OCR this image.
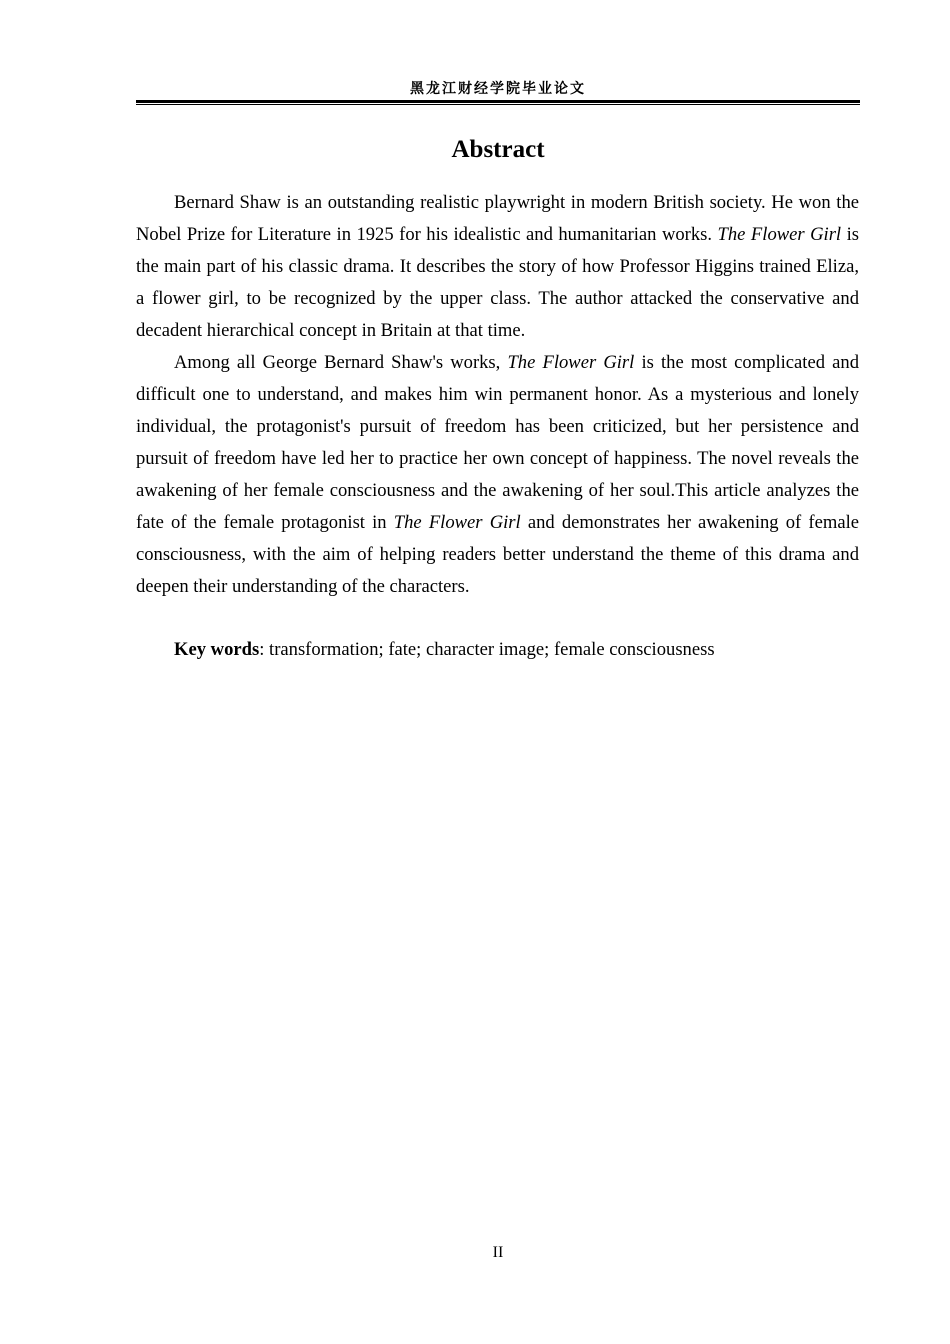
黑龙江财经学院毕业论文
Abstract

Bernard Shaw is an outstanding realistic playwright in modern British society. He won the Nobel Prize for Literature in 1925 for his idealistic and humanitarian works. The Flower Girl is the main part of his classic drama. It describes the story of how Professor Higgins trained Eliza, a flower girl, to be recognized by the upper class. The author attacked the conservative and decadent hierarchical concept in Britain at that time.

Among all George Bernard Shaw's works, The Flower Girl is the most complicated and difficult one to understand, and makes him win permanent honor. As a mysterious and lonely individual, the protagonist's pursuit of freedom has been criticized, but her persistence and pursuit of freedom have led her to practice her own concept of happiness. The novel reveals the awakening of her female consciousness and the awakening of her soul.This article analyzes the fate of the female protagonist in The Flower Girl and demonstrates her awakening of female consciousness, with the aim of helping readers better understand the theme of this drama and deepen their understanding of the characters.

Key words: transformation; fate; character image; female consciousness
II
